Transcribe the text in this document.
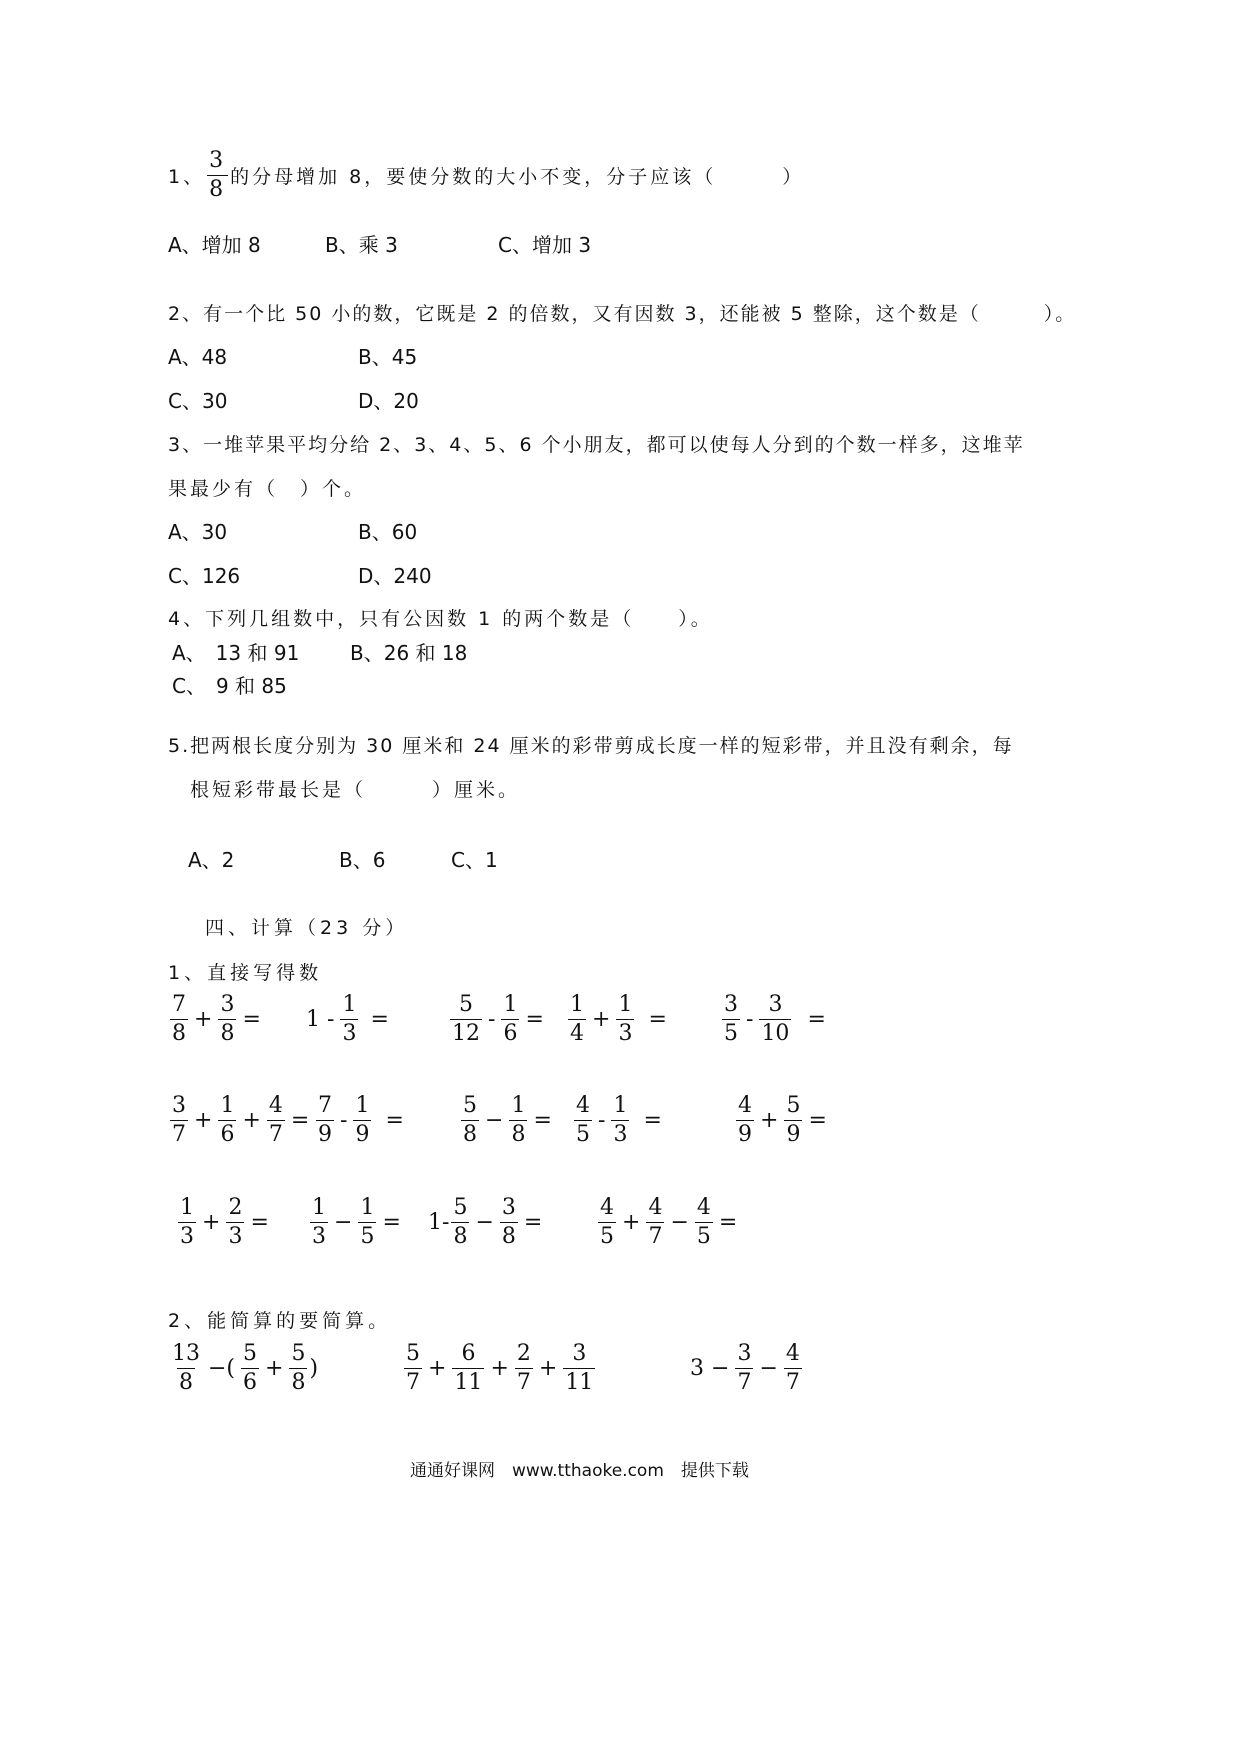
1、 $\frac{3}{8}$ 的分母增加 8，要使分数的大小不变，分子应该（　　　）
A、增加 8	B、乘 3	C、增加 3
2、有一个比 50 小的数，它既是 2 的倍数，又有因数 3，还能被 5 整除，这个数是（　　　）。
A、48	B、45
C、30	D、20
3、一堆苹果平均分给 2、3、4、5、6 个小朋友，都可以使每人分到的个数一样多，这堆苹
果最少有（　）个。
A、30	B、60
C、126	D、240
4、下列几组数中，只有公因数 1 的两个数是（　　）。
A、　13 和 91	B、26 和 18
C、　9 和 85
5.把两根长度分别为 30 厘米和 24 厘米的彩带剪成长度一样的短彩带，并且没有剩余，每
根短彩带最长是（　　　）厘米。
A、2	B、6	C、1
四、计算（23 分）
1、直接写得数
$\frac{7}{8} + \frac{3}{8} = 1 - \frac{1}{3}$ =	$\frac{5}{12} - \frac{1}{6} = \frac{1}{4} + \frac{1}{3}$ =	$\frac{3}{5} - \frac{3}{10}$ =
$\frac{3}{7} + \frac{1}{6} + \frac{4}{7} = \frac{7}{9} - \frac{1}{9}$ =	$\frac{5}{8} - \frac{1}{8} = \frac{4}{5} - \frac{1}{3}$ =	$\frac{4}{9} + \frac{5}{9}$ =
$\frac{1}{3} + \frac{2}{3} = \frac{1}{3} - \frac{1}{5} = 1- \frac{5}{8} - \frac{3}{8}$ =	$\frac{4}{5} + \frac{4}{7} - \frac{4}{5}$ =
2、能简算的要简算。
$\frac{13}{8}$ −( $\frac{5}{6} + \frac{5}{8}$ )	$\frac{5}{7} + \frac{6}{11} + \frac{2}{7} + \frac{3}{11}$	$3 - \frac{3}{7} - \frac{4}{7}$
通通好课网　www.tthaoke.com　提供下载
